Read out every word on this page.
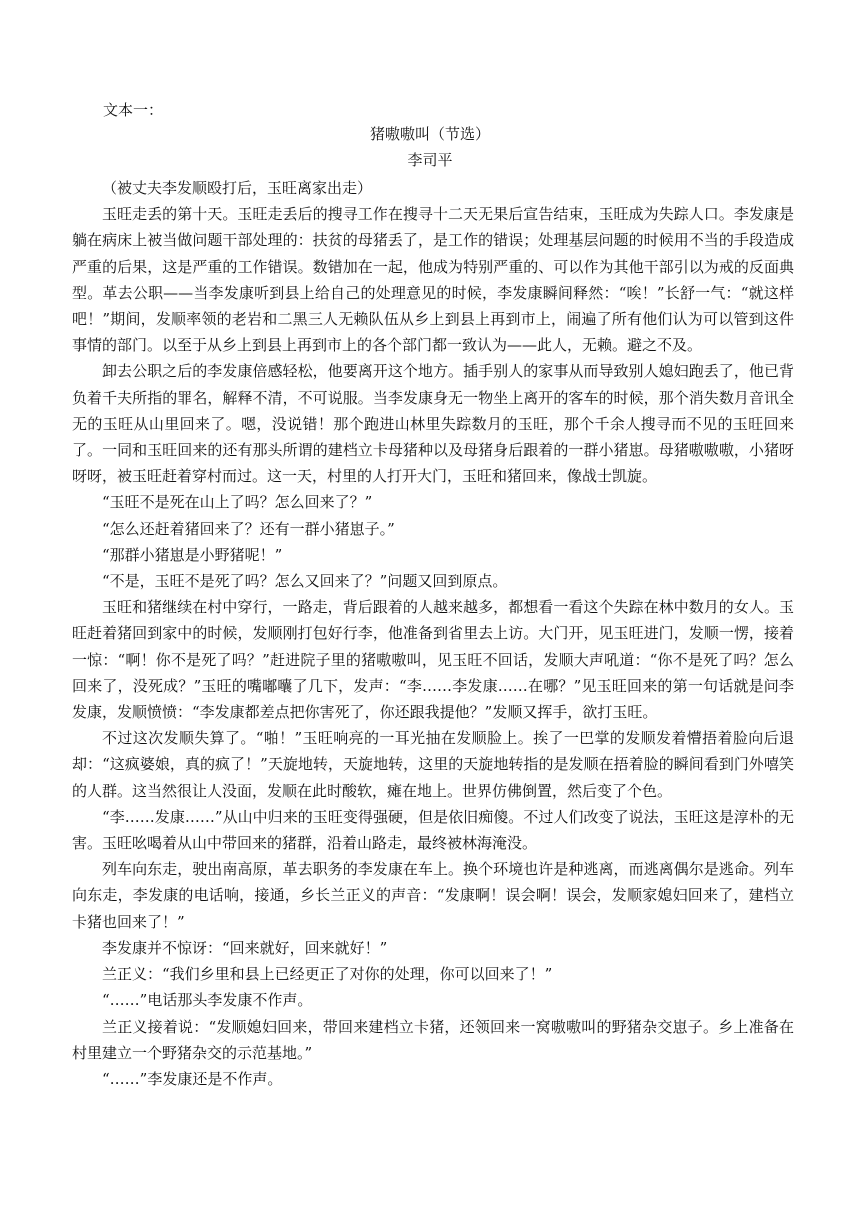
文本一：
猪嗷嗷叫（节选）
李司平

（被丈夫李发顺殴打后，玉旺离家出走）

玉旺走丢的第十天。玉旺走丢后的搜寻工作在搜寻十二天无果后宣告结束，玉旺成为失踪人口。李发康是躺在病床上被当做问题干部处理的：扶贫的母猪丢了，是工作的错误；处理基层问题的时候用不当的手段造成严重的后果，这是严重的工作错误。数错加在一起，他成为特别严重的、可以作为其他干部引以为戒的反面典型。革去公职——当李发康听到县上给自己的处理意见的时候，李发康瞬间释然：“唉！”长舒一气：“就这样吧！”期间，发顺率领的老岩和二黑三人无赖队伍从乡上到县上再到市上，闹遍了所有他们认为可以管到这件事情的部门。以至于从乡上到县上再到市上的各个部门都一致认为——此人，无赖。避之不及。

卸去公职之后的李发康倍感轻松，他要离开这个地方。插手别人的家事从而导致别人媳妇跑丢了，他已背负着千夫所指的罪名，解释不清，不可说服。当李发康身无一物坐上离开的客车的时候，那个消失数月音讯全无的玉旺从山里回来了。嗯，没说错！那个跑进山林里失踪数月的玉旺，那个千余人搜寻而不见的玉旺回来了。一同和玉旺回来的还有那头所谓的建档立卡母猪种以及母猪身后跟着的一群小猪崽。母猪嗷嗷嗷，小猪呀呀呀，被玉旺赶着穿村而过。这一天，村里的人打开大门，玉旺和猪回来，像战士凯旋。

“玉旺不是死在山上了吗？怎么回来了？”

“怎么还赶着猪回来了？还有一群小猪崽子。”

“那群小猪崽是小野猪呢！”

“不是，玉旺不是死了吗？怎么又回来了？”问题又回到原点。

玉旺和猪继续在村中穿行，一路走，背后跟着的人越来越多，都想看一看这个失踪在林中数月的女人。玉旺赶着猪回到家中的时候，发顺刚打包好行李，他准备到省里去上访。大门开，见玉旺进门，发顺一愣，接着一惊：“啊！你不是死了吗？”赶进院子里的猪嗷嗷叫，见玉旺不回话，发顺大声吼道：“你不是死了吗？怎么回来了，没死成？”玉旺的嘴嘟囔了几下，发声：“李……李发康……在哪？”见玉旺回来的第一句话就是问李发康，发顺愤愤：“李发康都差点把你害死了，你还跟我提他？”发顺又挥手，欲打玉旺。

不过这次发顺失算了。“啪！”玉旺响亮的一耳光抽在发顺脸上。挨了一巴掌的发顺发着懵捂着脸向后退却：“这疯婆娘，真的疯了！”天旋地转，天旋地转，这里的天旋地转指的是发顺在捂着脸的瞬间看到门外嘻笑的人群。这当然很让人没面，发顺在此时酸软，瘫在地上。世界仿佛倒置，然后变了个色。

“李……发康……”从山中归来的玉旺变得强硬，但是依旧痴傻。不过人们改变了说法，玉旺这是淳朴的无害。玉旺吆喝着从山中带回来的猪群，沿着山路走，最终被林海淹没。

列车向东走，驶出南高原，革去职务的李发康在车上。换个环境也许是种逃离，而逃离偶尔是逃命。列车向东走，李发康的电话响，接通，乡长兰正义的声音：“发康啊！误会啊！误会，发顺家媳妇回来了，建档立卡猪也回来了！”

李发康并不惊讶：“回来就好，回来就好！”

兰正义：“我们乡里和县上已经更正了对你的处理，你可以回来了！”

“……”电话那头李发康不作声。

兰正义接着说：“发顺媳妇回来，带回来建档立卡猪，还领回来一窝嗷嗷叫的野猪杂交崽子。乡上准备在村里建立一个野猪杂交的示范基地。”

“……”李发康还是不作声。
